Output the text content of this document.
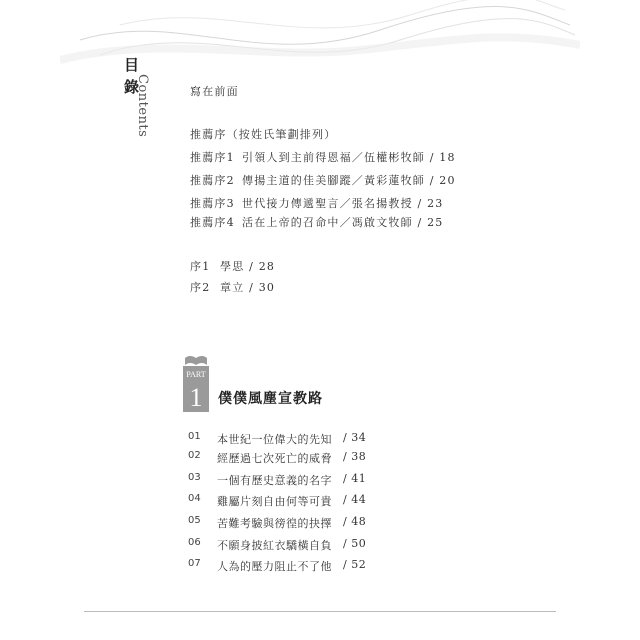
目
錄
Contents	寫在前面
推薦序（按姓氏筆劃排列）
推薦序1 引領人到主前得恩福／伍權彬牧師 / 18
推薦序2 傳揚主道的佳美腳蹤／黃彩蓮牧師 / 20
推薦序3 世代接力傳遞聖言／張名揚教授 / 23
推薦序4 活在上帝的召命中／馮啟文牧師 / 25
序1 學思 / 28
序2 章立 / 30
PART
1 僕僕風塵宣教路
01 本世紀一位偉大的先知 / 34
02 經歷過七次死亡的威脅 / 38
03 一個有歷史意義的名字 / 41
04 雞屬片刻自由何等可貴 / 44
05 苦難考驗與徬徨的抉擇 / 48
06 不願身披紅衣驕橫自負 / 50
07 人為的壓力阻止不了他 / 52
